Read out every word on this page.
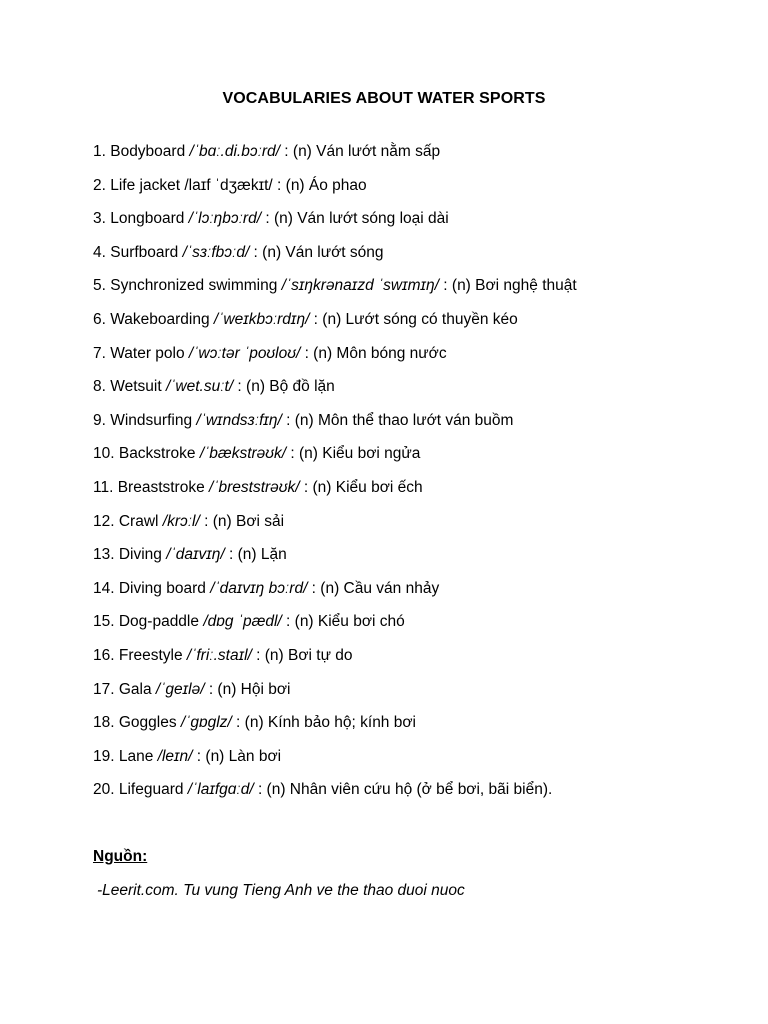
VOCABULARIES ABOUT WATER SPORTS
1. Bodyboard /ˈbɑː.di.bɔːrd/ : (n) Ván lướt nằm sấp
2. Life jacket /laɪf ˈdʒækɪt/ : (n) Áo phao
3. Longboard /ˈlɔːŋbɔːrd/ : (n) Ván lướt sóng loại dài
4. Surfboard /ˈsɜːfbɔːd/ : (n) Ván lướt sóng
5. Synchronized swimming /ˈsɪŋkrənaɪzd ˈswɪmɪŋ/ : (n) Bơi nghệ thuật
6. Wakeboarding /ˈweɪkbɔːrdɪŋ/ : (n) Lướt sóng có thuyền kéo
7. Water polo /ˈwɔːtər ˈpoʊloʊ/ : (n) Môn bóng nước
8. Wetsuit /ˈwet.suːt/ : (n) Bộ đồ lặn
9. Windsurfing /ˈwɪndsɜːfɪŋ/ : (n) Môn thể thao lướt ván buồm
10. Backstroke /ˈbækstrəʊk/ : (n) Kiểu bơi ngửa
11. Breaststroke /ˈbreststrəʊk/ : (n) Kiểu bơi ếch
12. Crawl /krɔːl/ : (n) Bơi sải
13. Diving /ˈdaɪvɪŋ/ : (n) Lặn
14. Diving board /ˈdaɪvɪŋ bɔːrd/ : (n) Cầu ván nhảy
15. Dog-paddle /dɒɡ ˈpædl/ : (n) Kiểu bơi chó
16. Freestyle /ˈfriː.staɪl/ : (n) Bơi tự do
17. Gala /ˈɡeɪlə/ : (n) Hội bơi
18. Goggles /ˈɡɒɡlz/ : (n) Kính bảo hộ; kính bơi
19. Lane /leɪn/ : (n) Làn bơi
20. Lifeguard /ˈlaɪfɡɑːd/ : (n) Nhân viên cứu hộ (ở bể bơi, bãi biển).
Nguồn:
-Leerit.com. Tu vung Tieng Anh ve the thao duoi nuoc
